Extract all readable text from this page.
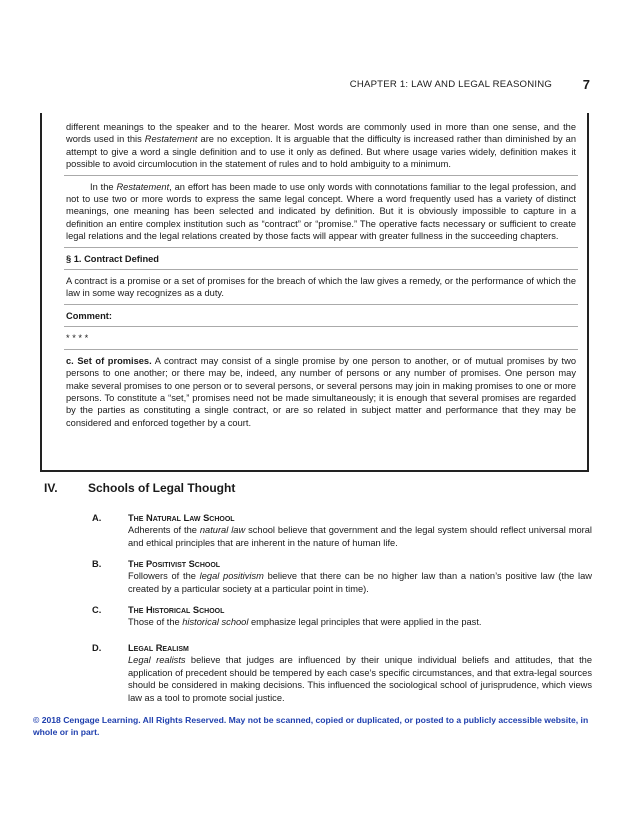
CHAPTER 1: LAW AND LEGAL REASONING 7

different meanings to the speaker and to the hearer. Most words are commonly used in more than one sense, and the words used in this Restatement are no exception. It is arguable that the difficulty is increased rather than diminished by an attempt to give a word a single definition and to use it only as defined. But where usage varies widely, definition makes it possible to avoid circumlocution in the statement of rules and to hold ambiguity to a minimum.

In the Restatement, an effort has been made to use only words with connotations familiar to the legal profession, and not to use two or more words to express the same legal concept. Where a word frequently used has a variety of distinct meanings, one meaning has been selected and indicated by definition. But it is obviously impossible to capture in a definition an entire complex institution such as “contract” or “promise.” The operative facts necessary or sufficient to create legal relations and the legal relations created by those facts will appear with greater fullness in the succeeding chapters.

§ 1. Contract Defined

A contract is a promise or a set of promises for the breach of which the law gives a remedy, or the performance of which the law in some way recognizes as a duty.

Comment:

* * * *

c. Set of promises. A contract may consist of a single promise by one person to another, or of mutual promises by two persons to one another; or there may be, indeed, any number of persons or any number of promises. One person may make several promises to one person or to several persons, or several persons may join in making promises to one or more persons. To constitute a “set,” promises need not be made simultaneously; it is enough that several promises are regarded by the parties as constituting a single contract, or are so related in subject matter and performance that they may be considered and enforced together by a court.

IV.	Schools of Legal Thought
A.	The Natural Law School
Adherents of the natural law school believe that government and the legal system should reflect universal moral and ethical principles that are inherent in the nature of human life.
B.	The Positivist School
Followers of the legal positivism believe that there can be no higher law than a nation’s positive law (the law created by a particular society at a particular point in time).
C.	The Historical School
Those of the historical school emphasize legal principles that were applied in the past.
D.	Legal Realism
Legal realists believe that judges are influenced by their unique individual beliefs and attitudes, that the application of precedent should be tempered by each case’s specific circumstances, and that extra-legal sources should be considered in making decisions. This influenced the sociological school of jurisprudence, which views law as a tool to promote social justice.
© 2018 Cengage Learning. All Rights Reserved. May not be scanned, copied or duplicated, or posted to a publicly accessible website, in whole or in part.
